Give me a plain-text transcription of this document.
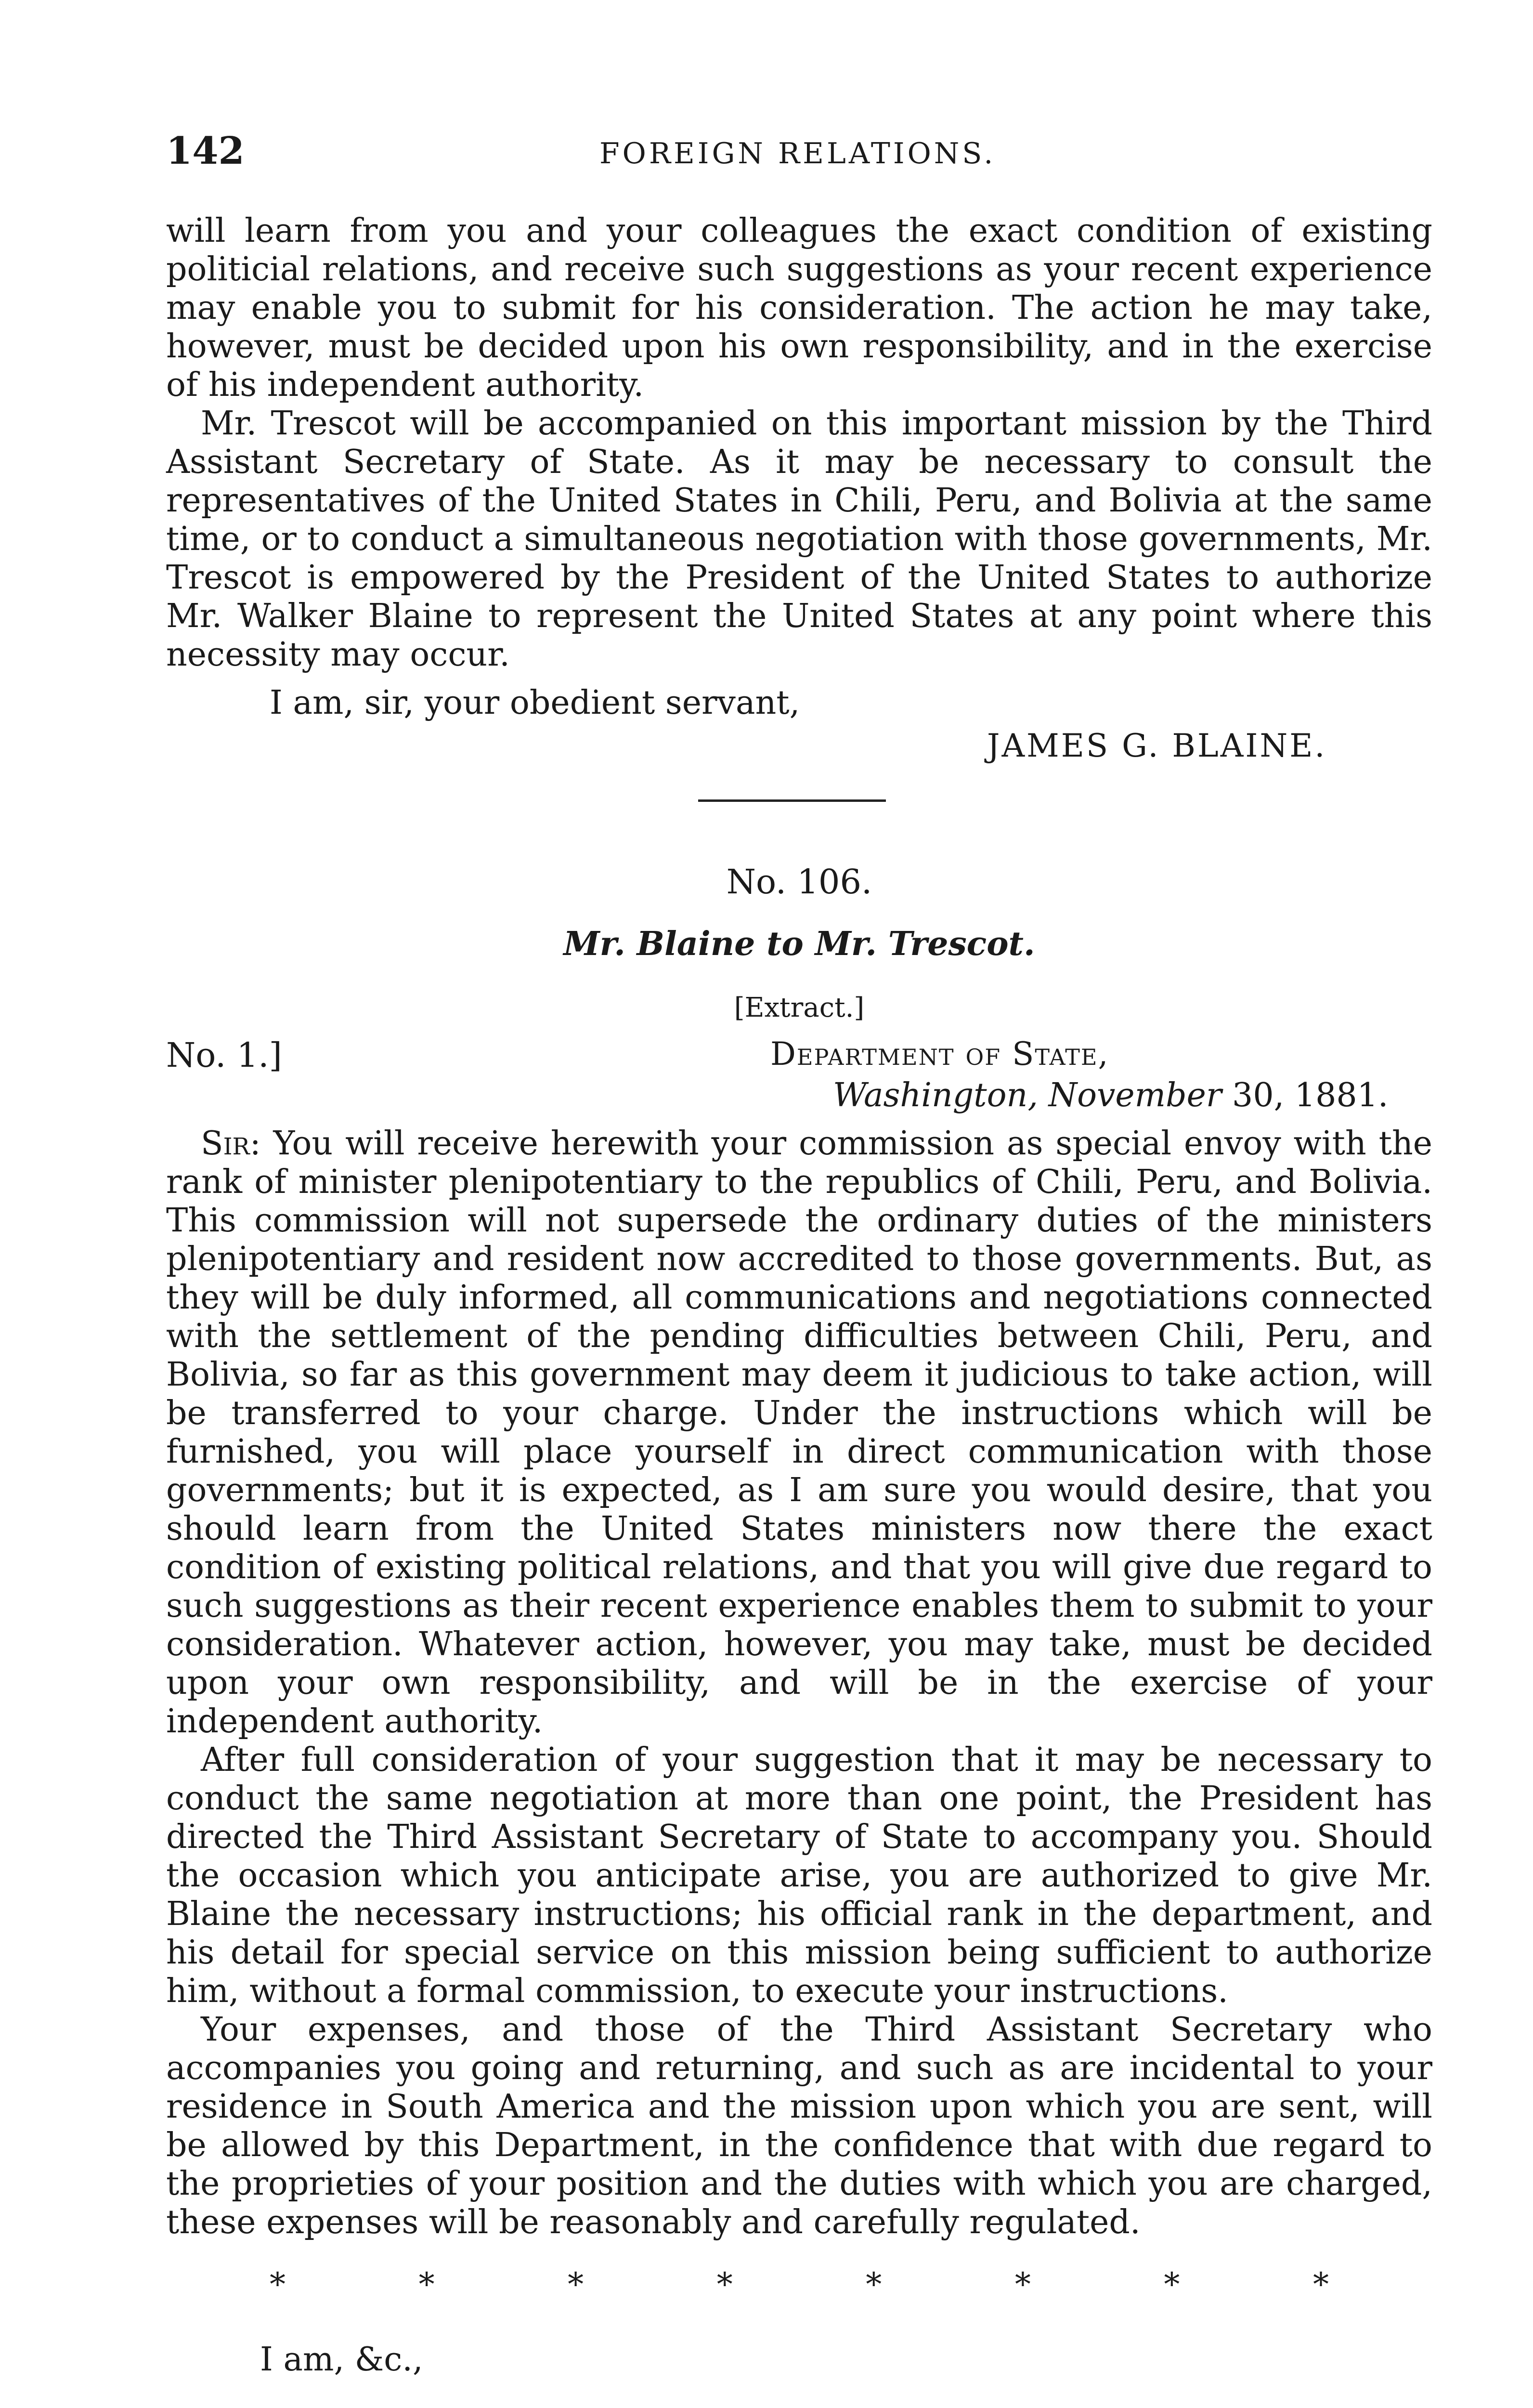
142	FOREIGN RELATIONS.

will learn from you and your colleagues the exact condition of existing politicial relations, and receive such suggestions as your recent experience may enable you to submit for his consideration. The action he may take, however, must be decided upon his own responsibility, and in the exercise of his independent authority.

Mr. Trescot will be accompanied on this important mission by the Third Assistant Secretary of State. As it may be necessary to consult the representatives of the United States in Chili, Peru, and Bolivia at the same time, or to conduct a simultaneous negotiation with those governments, Mr. Trescot is empowered by the President of the United States to authorize Mr. Walker Blaine to represent the United States at any point where this necessity may occur.

I am, sir, your obedient servant,
JAMES G. BLAINE.
No. 106.
Mr. Blaine to Mr. Trescot.
[Extract.]
No. 1.]	Department of State,
Washington, November 30, 1881.

Sir: You will receive herewith your commission as special envoy with the rank of minister plenipotentiary to the republics of Chili, Peru, and Bolivia. This commission will not supersede the ordinary duties of the ministers plenipotentiary and resident now accredited to those governments. But, as they will be duly informed, all communications and negotiations connected with the settlement of the pending difficulties between Chili, Peru, and Bolivia, so far as this government may deem it judicious to take action, will be transferred to your charge. Under the instructions which will be furnished, you will place yourself in direct communication with those governments; but it is expected, as I am sure you would desire, that you should learn from the United States ministers now there the exact condition of existing political relations, and that you will give due regard to such suggestions as their recent experience enables them to submit to your consideration. Whatever action, however, you may take, must be decided upon your own responsibility, and will be in the exercise of your independent authority.

After full consideration of your suggestion that it may be necessary to conduct the same negotiation at more than one point, the President has directed the Third Assistant Secretary of State to accompany you. Should the occasion which you anticipate arise, you are authorized to give Mr. Blaine the necessary instructions; his official rank in the department, and his detail for special service on this mission being sufficient to authorize him, without a formal commission, to execute your instructions.

Your expenses, and those of the Third Assistant Secretary who accompanies you going and returning, and such as are incidental to your residence in South America and the mission upon which you are sent, will be allowed by this Department, in the confidence that with due regard to the proprieties of your position and the duties with which you are charged, these expenses will be reasonably and carefully regulated.

*	*	*	*	*	*	*	*
I am, &c.,
